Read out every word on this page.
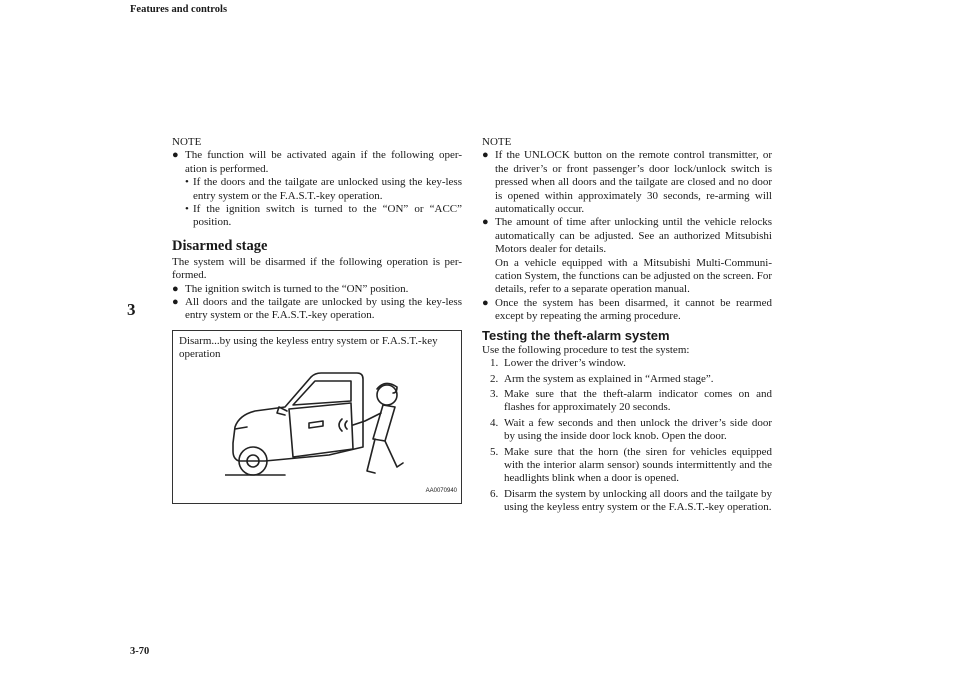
Features and controls
3
NOTE

● The function will be activated again if the following oper-ation is performed.

• If the doors and the tailgate are unlocked using the key-less entry system or the F.A.S.T.-key operation.

• If the ignition switch is turned to the “ON” or “ACC” position.

Disarmed stage

The system will be disarmed if the following operation is per-formed.

● The ignition switch is turned to the “ON” position.

● All doors and the tailgate are unlocked by using the key-less entry system or the F.A.S.T.-key operation.

Disarm...by using the keyless entry system or F.A.S.T.-key operation
AA0070940
NOTE

● If the UNLOCK button on the remote control transmitter, or the driver’s or front passenger’s door lock/unlock switch is pressed when all doors and the tailgate are closed and no door is opened within approximately 30 seconds, re-arming will automatically occur.

● The amount of time after unlocking until the vehicle relocks automatically can be adjusted. See an authorized Mitsubishi Motors dealer for details.

On a vehicle equipped with a Mitsubishi Multi-Communi-cation System, the functions can be adjusted on the screen. For details, refer to a separate operation manual.

● Once the system has been disarmed, it cannot be rearmed except by repeating the arming procedure.

Testing the theft-alarm system

Use the following procedure to test the system:

1. Lower the driver’s window.

2. Arm the system as explained in “Armed stage”.

3. Make sure that the theft-alarm indicator comes on and flashes for approximately 20 seconds.

4. Wait a few seconds and then unlock the driver’s side door by using the inside door lock knob. Open the door.

5. Make sure that the horn (the siren for vehicles equipped with the interior alarm sensor) sounds intermittently and the headlights blink when a door is opened.

6. Disarm the system by unlocking all doors and the tailgate by using the keyless entry system or the F.A.S.T.-key operation.

3-70
